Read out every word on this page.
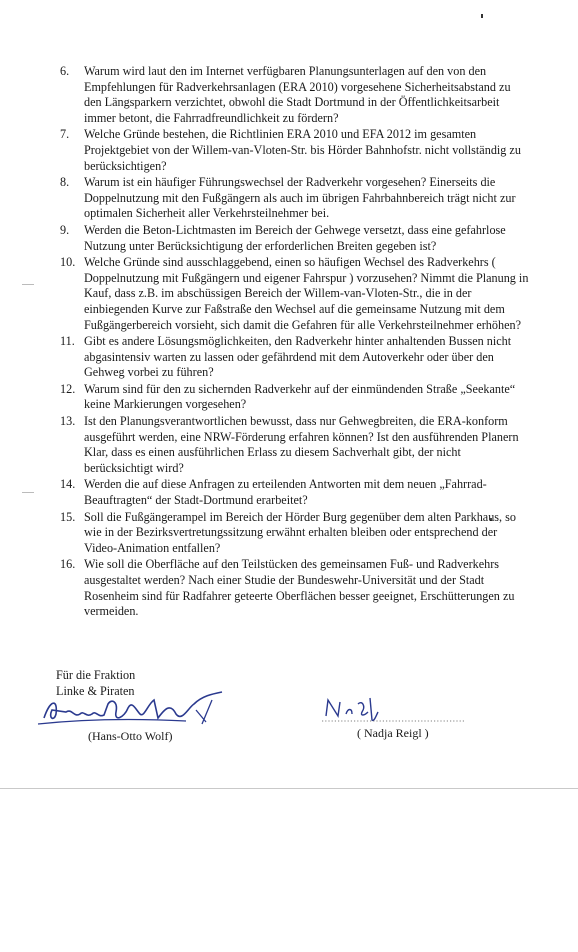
6.	Warum wird laut den im Internet verfügbaren Planungsunterlagen auf den von den Empfehlungen für Radverkehrsanlagen (ERA 2010) vorgesehene Sicherheitsabstand zu den Längsparkern verzichtet, obwohl die Stadt Dortmund in der Öffentlichkeitsarbeit immer betont, die Fahrradfreundlichkeit zu fördern?
7.	Welche Gründe bestehen, die Richtlinien ERA 2010 und EFA 2012 im gesamten Projektgebiet von der Willem-van-Vloten-Str. bis Hörder Bahnhofstr. nicht vollständig zu berücksichtigen?
8.	Warum ist ein häufiger Führungswechsel der Radverkehr vorgesehen? Einerseits die Doppelnutzung mit den Fußgängern als auch im übrigen Fahrbahnbereich trägt nicht zur optimalen Sicherheit aller Verkehrsteilnehmer bei.
9.	Werden die Beton-Lichtmasten im Bereich der Gehwege versetzt, dass eine gefahrlose Nutzung unter Berücksichtigung der erforderlichen Breiten gegeben ist?
10. Welche Gründe sind ausschlaggebend, einen so häufigen Wechsel des Radverkehrs ( Doppelnutzung mit Fußgängern und eigener Fahrspur ) vorzusehen? Nimmt die Planung in Kauf, dass z.B. im abschüssigen Bereich der Willem-van-Vloten-Str., die in der einbiegenden Kurve zur Faßstraße den Wechsel auf die gemeinsame Nutzung mit dem Fußgängerbereich vorsieht, sich damit die Gefahren für alle Verkehrsteilnehmer erhöhen?
11. Gibt es andere Lösungsmöglichkeiten, den Radverkehr hinter anhaltenden Bussen nicht abgasintensiv warten zu lassen oder gefährdend mit dem Autoverkehr oder über den Gehweg vorbei zu führen?
12. Warum sind für den zu sichernden Radverkehr auf der einmündenden Straße „Seekante“ keine Markierungen vorgesehen?
13. Ist den Planungsverantwortlichen bewusst, dass nur Gehwegbreiten, die ERA-konform ausgeführt werden, eine NRW-Förderung erfahren können? Ist den ausführenden Planern Klar, dass es einen ausführlichen Erlass zu diesem Sachverhalt gibt, der nicht berücksichtigt wird?
14. Werden die auf diese Anfragen zu erteilenden Antworten mit dem neuen „Fahrrad-Beauftragten“ der Stadt-Dortmund erarbeitet?
15. Soll die Fußgängerampel im Bereich der Hörder Burg gegenüber dem alten Parkhaus, so wie in der Bezirksvertretungssitzung erwähnt erhalten bleiben oder entsprechend der Video-Animation entfallen?
16. Wie soll die Oberfläche auf den Teilstücken des gemeinsamen Fuß- und Radverkehrs ausgestaltet werden? Nach einer Studie der Bundeswehr-Universität und der Stadt Rosenheim sind für Radfahrer geteerte Oberflächen besser geeignet, Erschütterungen zu vermeiden.
Für die Fraktion
Linke & Piraten
(Hans-Otto Wolf)	( Nadja Reigl )
